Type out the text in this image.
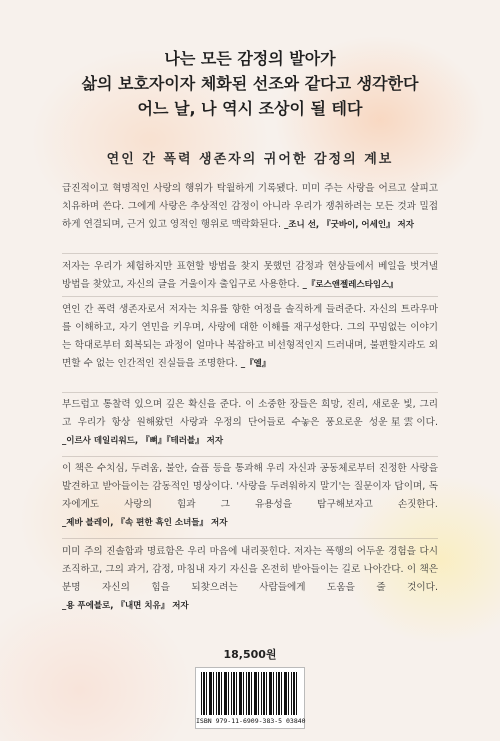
나는 모든 감정의 발아가
삶의 보호자이자 체화된 선조와 같다고 생각한다
어느 날, 나 역시 조상이 될 테다
연인 간 폭력 생존자의 귀어한 감정의 계보
급진적이고 혁명적인 사랑의 행위가 탁월하게 기록됐다. 미미 주는 사랑을 어르고 살피고 치유하며 쓴다. 그에게 사랑은 추상적인 감정이 아니라 우리가 쟁취하려는 모든 것과 밀접하게 연결되며, 근거 있고 영적인 행위로 맥락화된다. _조니 선, 『굿바이, 어세인』 저자
저자는 우리가 체험하지만 표현할 방법을 찾지 못했던 감정과 현상들에서 베일을 벗겨낼 방법을 찾았고, 자신의 글을 거울이자 출입구로 사용한다. _『로스앤젤레스타임스』
연인 간 폭력 생존자로서 저자는 치유를 향한 여정을 솔직하게 들려준다. 자신의 트라우마를 이해하고, 자기 연민을 키우며, 사랑에 대한 이해를 재구성한다. 그의 꾸밈없는 이야기는 학대로부터 회복되는 과정이 얼마나 복잡하고 비선형적인지 드러내며, 불편할지라도 외면할 수 없는 인간적인 진실들을 조명한다. _『엘』
부드럽고 통찰력 있으며 깊은 확신을 준다. 이 소중한 장들은 희망, 진리, 새로운 빛, 그리고 우리가 항상 원해왔던 사랑과 우정의 단어들로 수놓은 풍요로운 성운星雲이다. _이르사 데일리워드, 『뼈』『테러블』 저자
이 책은 수치심, 두려움, 불안, 슬픔 등을 통과해 우리 자신과 공동체로부터 진정한 사랑을 발견하고 받아들이는 감동적인 명상이다. '사랑을 두려워하지 말기'는 질문이자 답이며, 독자에게도 사랑의 힘과 그 유용성을 탐구해보자고 손짓한다. _제바 블레이, 『속 편한 흑인 소녀들』 저자
미미 주의 진솔함과 명료함은 우리 마음에 내리꽂힌다. 저자는 폭행의 어두운 경험을 다시 조직하고, 그의 과거, 감정, 마침내 자기 자신을 온전히 받아들이는 길로 나아간다. 이 책은 분명 자신의 힘을 되찾으려는 사람들에게 도움을 줄 것이다. _용 푸에블로, 『내면 치유』 저자
18,500원
ISBN 979-11-6909-383-5 03840
